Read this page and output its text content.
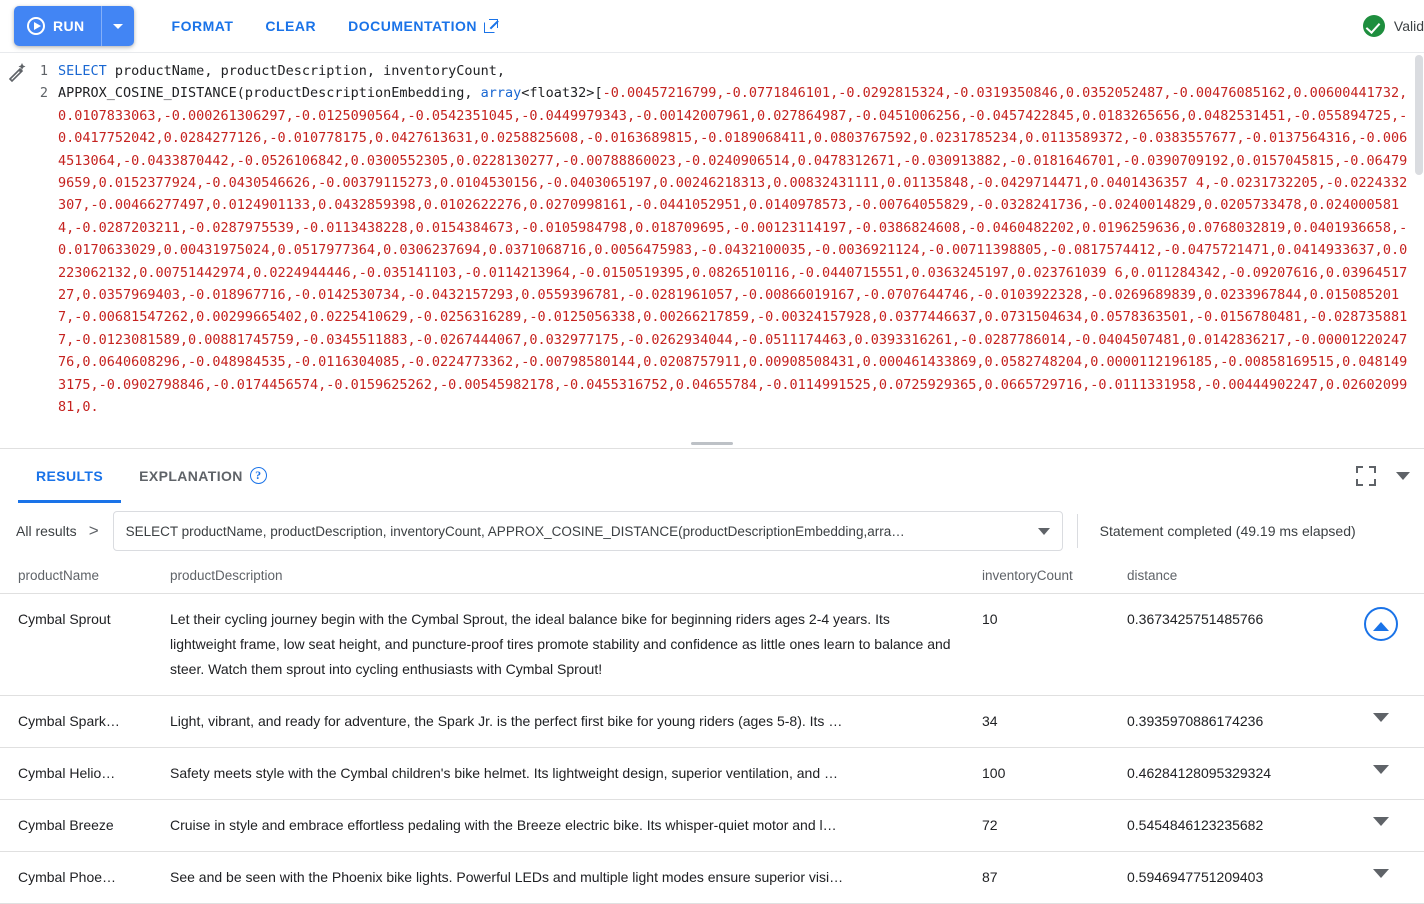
RUN	FORMAT CLEAR DOCUMENTATION	Valid
1
2
SELECT productName, productDescription, inventoryCount,
APPROX_COSINE_DISTANCE(productDescriptionEmbedding, array<float32>[-0.00457216799,-0.0771846101,-0.0292815324,-0.0319350846,0.0352052487,-0.00476085162,0.00600441732,0.0107833063,-0.000261306297,-0.0125090564,-0.0542351045,-0.0449979343,-0.00142007961,0.027864987,-0.0451006256,-0.0457422845,0.0183265656,0.0482531451,-0.055894725,-0.0417752042,0.0284277126,-0.010778175,0.0427613631,0.0258825608,-0.0163689815,-0.0189068411,0.0803767592,0.0231785234,0.0113589372,-0.0383557677,-0.0137564316,-0.0064513064,-0.0433870442,-0.0526106842,0.0300552305,0.0228130277,-0.00788860023,-0.0240906514,0.0478312671,-0.030913882,-0.0181646701,-0.0390709192,0.0157045815,-0.064799659,0.0152377924,-0.0430546626,-0.00379115273,0.0104530156,-0.0403065197,0.00246218313,0.00832431111,0.01135848,-0.0429714471,0.0401436357 4,-0.0231732205,-0.0224332307,-0.00466277497,0.0124901133,0.0432859398,0.0102622276,0.0270998161,-0.0441052951,0.0140978573,-0.00764055829,-0.0328241736,-0.0240014829,0.0205733478,0.0240005814,-0.0287203211,-0.0287975539,-0.0113438228,0.0154384673,-0.0105984798,0.018709695,-0.00123114197,-0.0386824608,-0.0460482202,0.0196259636,0.0768032819,0.0401936658,-0.0170633029,0.00431975024,0.0517977364,0.0306237694,0.0371068716,0.0056475983,-0.0432100035,-0.0036921124,-0.00711398805,-0.0817574412,-0.0475721471,0.0414933637,0.0223062132,0.00751442974,0.0224944446,-0.035141103,-0.0114213964,-0.0150519395,0.0826510116,-0.0440715551,0.0363245197,0.023761039 6,0.011284342,-0.09207616,0.0396451727,0.0357969403,-0.018967716,-0.0142530734,-0.0432157293,0.0559396781,-0.0281961057,-0.00866019167,-0.0707644746,-0.0103922328,-0.0269689839,0.0233967844,0.0150852017,-0.00681547262,0.00299665402,0.0225410629,-0.0256316289,-0.0125056338,0.00266217859,-0.00324157928,0.0377446637,0.0731504634,0.0578363501,-0.0156780481,-0.0287358817,-0.0123081589,0.00881745759,-0.0345511883,-0.0267444067,0.032977175,-0.0262934044,-0.0511174463,0.0393316261,-0.0287786014,-0.0404507481,0.0142836217,-0.0000122024776,0.0640608296,-0.048984535,-0.0116304085,-0.0224773362,-0.00798580144,0.0208757911,0.00908508431,0.000461433869,0.0582748204,0.0000112196185,-0.00858169515,0.0481493175,-0.0902798846,-0.0174456574,-0.0159625262,-0.00545982178,-0.0455316752,0.04655784,-0.0114991525,0.0725929365,0.0665729716,-0.0111331958,-0.00444902247,0.0260209981,0.
RESULTS	EXPLANATION	?
All results > SELECT productName, productDescription, inventoryCount, APPROX_COSINE_DISTANCE(productDescriptionEmbedding,arra…	Statement completed (49.19 ms elapsed)
productName	productDescription	inventoryCount	distance	
Cymbal Sprout	Let their cycling journey begin with the Cymbal Sprout, the ideal balance bike for beginning riders ages 2-4 years. Its lightweight frame, low seat height, and puncture-proof tires promote stability and confidence as little ones learn to balance and steer. Watch them sprout into cycling enthusiasts with Cymbal Sprout!	10	0.3673425751485766	

Cymbal Spark…	Light, vibrant, and ready for adventure, the Spark Jr. is the perfect first bike for young riders (ages 5-8). Its …	34	0.3935970886174236	

Cymbal Helio…	Safety meets style with the Cymbal children's bike helmet. Its lightweight design, superior ventilation, and …	100	0.46284128095329324	

Cymbal Breeze	Cruise in style and embrace effortless pedaling with the Breeze electric bike. Its whisper-quiet motor and l…	72	0.5454846123235682	

Cymbal Phoe…	See and be seen with the Phoenix bike lights. Powerful LEDs and multiple light modes ensure superior visi…	87	0.5946947751209403	
